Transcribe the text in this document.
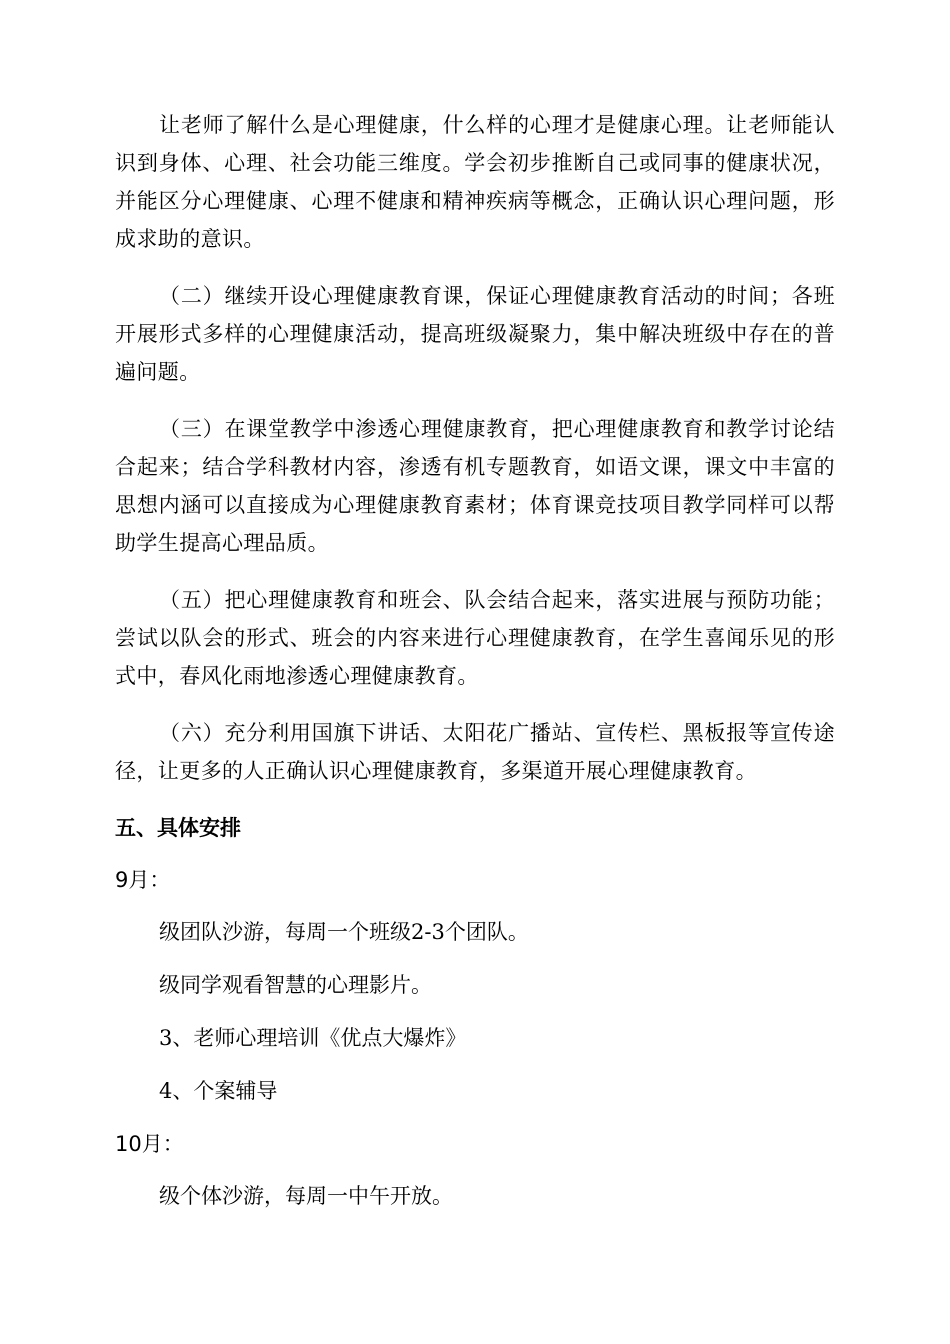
让老师了解什么是心理健康，什么样的心理才是健康心理。让老师能认识到身体、心理、社会功能三维度。学会初步推断自己或同事的健康状况，并能区分心理健康、心理不健康和精神疾病等概念，正确认识心理问题，形成求助的意识。

（二）继续开设心理健康教育课，保证心理健康教育活动的时间；各班开展形式多样的心理健康活动，提高班级凝聚力，集中解决班级中存在的普遍问题。

（三）在课堂教学中渗透心理健康教育，把心理健康教育和教学讨论结合起来；结合学科教材内容，渗透有机专题教育，如语文课，课文中丰富的思想内涵可以直接成为心理健康教育素材；体育课竞技项目教学同样可以帮助学生提高心理品质。

（五）把心理健康教育和班会、队会结合起来，落实进展与预防功能；尝试以队会的形式、班会的内容来进行心理健康教育，在学生喜闻乐见的形式中，春风化雨地渗透心理健康教育。

（六）充分利用国旗下讲话、太阳花广播站、宣传栏、黑板报等宣传途径，让更多的人正确认识心理健康教育，多渠道开展心理健康教育。

五、具体安排
9月：
级团队沙游，每周一个班级2-3个团队。
级同学观看智慧的心理影片。
3、老师心理培训《优点大爆炸》
4、个案辅导
10月：
级个体沙游，每周一中午开放。
